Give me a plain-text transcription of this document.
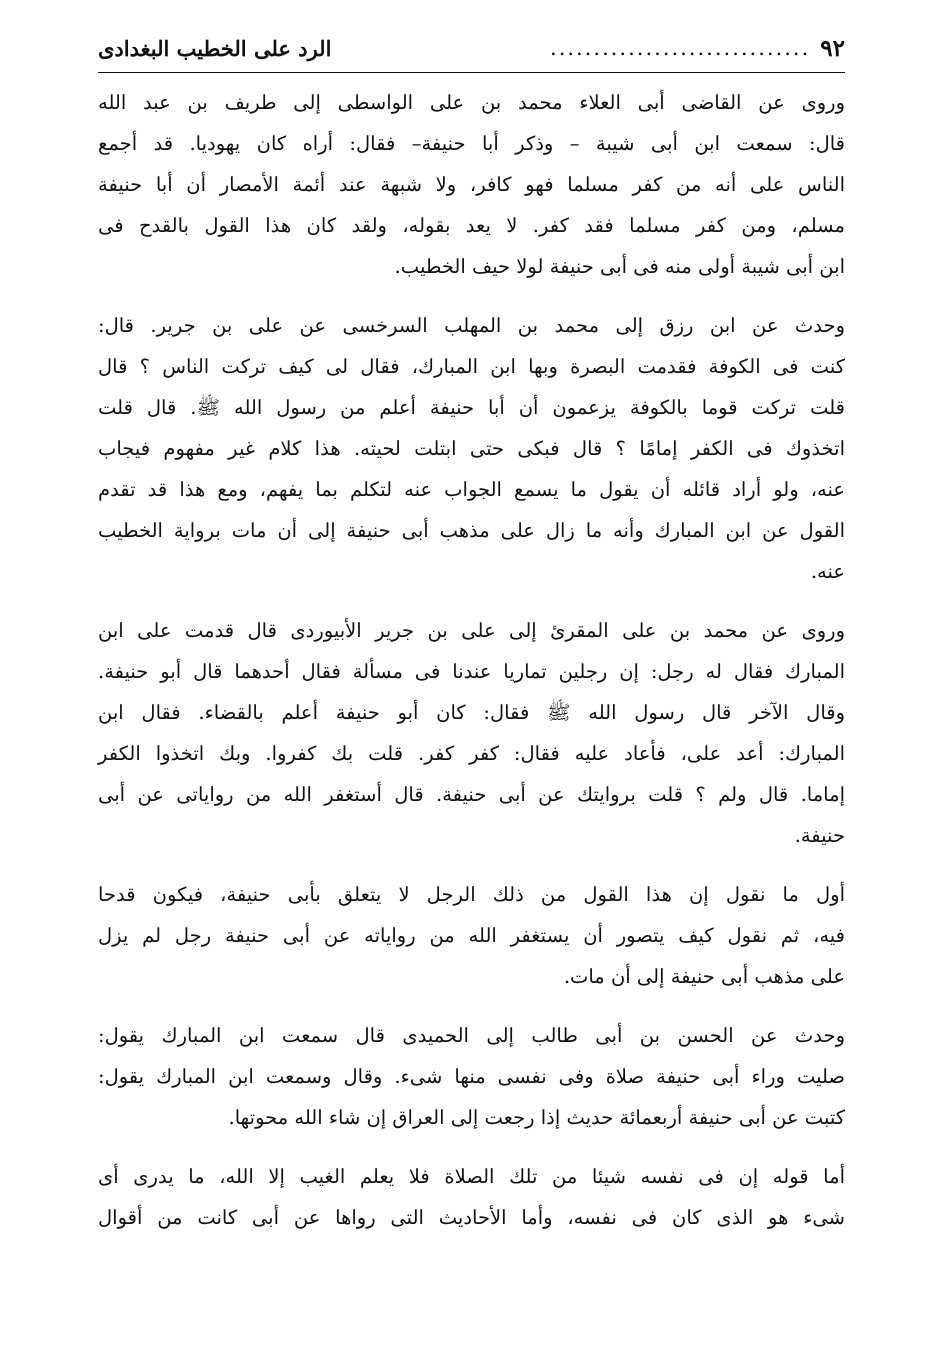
٩٢
..............................
الرد على الخطيب البغدادى
وروى عن القاضى أبى العلاء محمد بن على الواسطى إلى طريف بن عبد الله
قال: سمعت ابن أبى شيبة – وذكر أبا حنيفة– فقال: أراه كان يهوديا. قد أجمع
الناس على أنه من كفر مسلما فهو كافر، ولا شبهة عند أئمة الأمصار أن أبا حنيفة
مسلم، ومن كفر مسلما فقد كفر. لا يعد بقوله، ولقد كان هذا القول بالقدح فى
ابن أبى شيبة أولى منه فى أبى حنيفة لولا حيف الخطيب.
وحدث عن ابن رزق إلى محمد بن المهلب السرخسى عن على بن جرير. قال:
كنت فى الكوفة فقدمت البصرة وبها ابن المبارك، فقال لى كيف تركت الناس ؟ قال
قلت تركت قوما بالكوفة يزعمون أن أبا حنيفة أعلم من رسول الله ﷺ. قال قلت
اتخذوك فى الكفر إمامًا ؟ قال فبكى حتى ابتلت لحيته. هذا كلام غير مفهوم فيجاب
عنه، ولو أراد قائله أن يقول ما يسمع الجواب عنه لتكلم بما يفهم، ومع هذا قد تقدم
القول عن ابن المبارك وأنه ما زال على مذهب أبى حنيفة إلى أن مات برواية الخطيب
عنه.
وروى عن محمد بن على المقرئ إلى على بن جرير الأبيوردى قال قدمت على ابن
المبارك فقال له رجل: إن رجلين تماريا عندنا فى مسألة فقال أحدهما قال أبو حنيفة.
وقال الآخر قال رسول الله ﷺ فقال: كان أبو حنيفة أعلم بالقضاء. فقال ابن
المبارك: أعد على، فأعاد عليه فقال: كفر كفر. قلت بك كفروا. وبك اتخذوا الكفر
إماما. قال ولم ؟ قلت بروايتك عن أبى حنيفة. قال أستغفر الله من رواياتى عن أبى
حنيفة.
أول ما نقول إن هذا القول من ذلك الرجل لا يتعلق بأبى حنيفة، فيكون قدحا
فيه، ثم نقول كيف يتصور أن يستغفر الله من رواياته عن أبى حنيفة رجل لم يزل
على مذهب أبى حنيفة إلى أن مات.
وحدث عن الحسن بن أبى طالب إلى الحميدى قال سمعت ابن المبارك يقول:
صليت وراء أبى حنيفة صلاة وفى نفسى منها شىء. وقال وسمعت ابن المبارك يقول:
كتبت عن أبى حنيفة أربعمائة حديث إذا رجعت إلى العراق إن شاء الله محوتها.
أما قوله إن فى نفسه شيئا من تلك الصلاة فلا يعلم الغيب إلا الله، ما يدرى أى
شىء هو الذى كان فى نفسه، وأما الأحاديث التى رواها عن أبى كانت من أقوال
